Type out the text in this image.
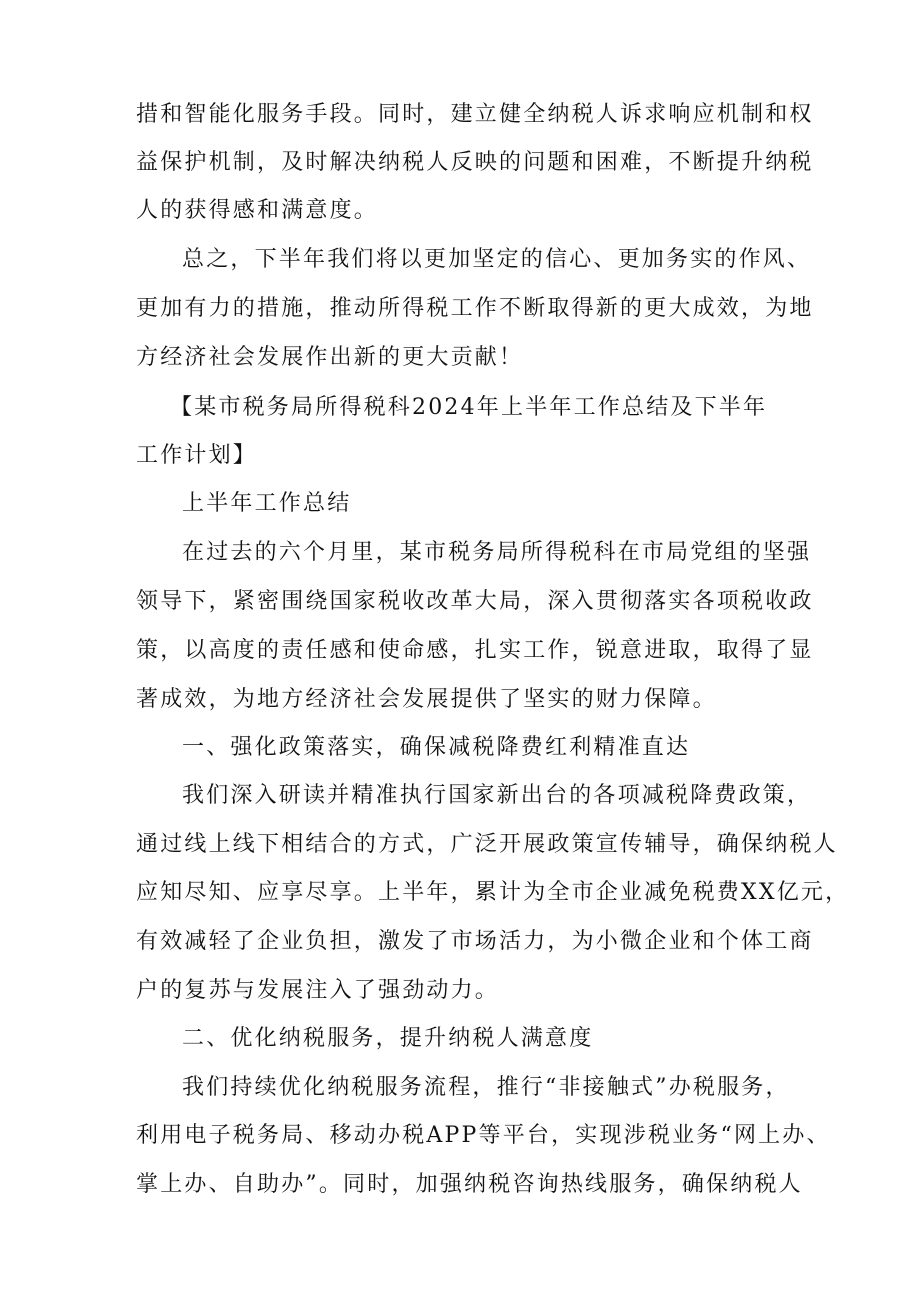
措和智能化服务手段。同时，建立健全纳税人诉求响应机制和权
益保护机制，及时解决纳税人反映的问题和困难，不断提升纳税
人的获得感和满意度。
总之，下半年我们将以更加坚定的信心、更加务实的作风、
更加有力的措施，推动所得税工作不断取得新的更大成效，为地
方经济社会发展作出新的更大贡献！
【某市税务局所得税科2024年上半年工作总结及下半年
工作计划】
上半年工作总结
在过去的六个月里，某市税务局所得税科在市局党组的坚强
领导下，紧密围绕国家税收改革大局，深入贯彻落实各项税收政
策，以高度的责任感和使命感，扎实工作，锐意进取，取得了显
著成效，为地方经济社会发展提供了坚实的财力保障。
一、强化政策落实，确保减税降费红利精准直达
我们深入研读并精准执行国家新出台的各项减税降费政策，
通过线上线下相结合的方式，广泛开展政策宣传辅导，确保纳税人
应知尽知、应享尽享。上半年，累计为全市企业减免税费XX亿元，
有效减轻了企业负担，激发了市场活力，为小微企业和个体工商
户的复苏与发展注入了强劲动力。
二、优化纳税服务，提升纳税人满意度
我们持续优化纳税服务流程，推行“非接触式”办税服务，
利用电子税务局、移动办税APP等平台，实现涉税业务“网上办、
掌上办、自助办”。同时，加强纳税咨询热线服务，确保纳税人
